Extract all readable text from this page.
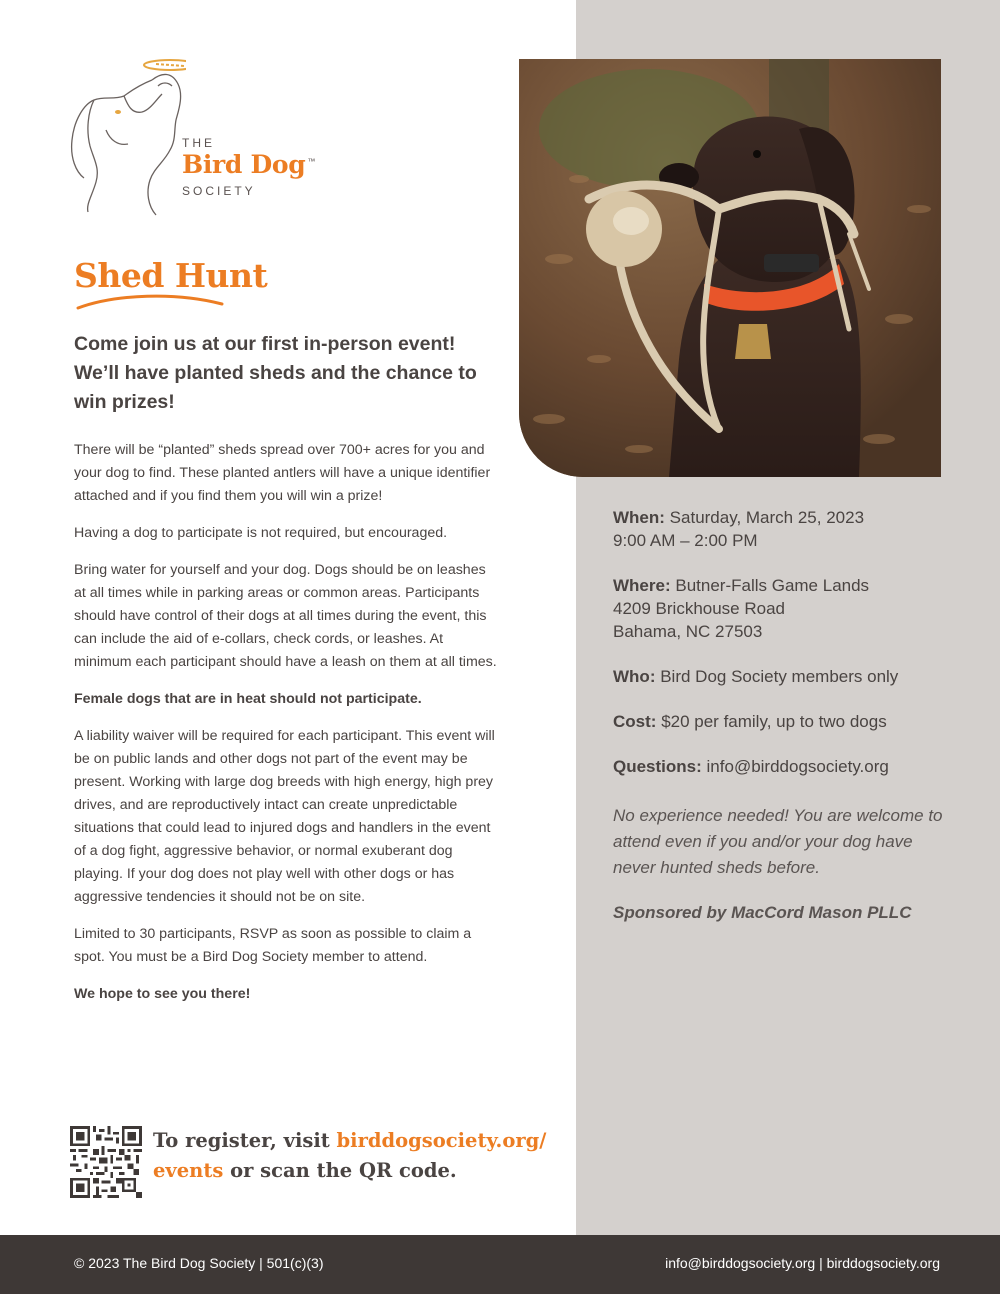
THE
Bird Dog ™
SOCIETY
Shed Hunt
Come join us at our first in-person event! We’ll have planted sheds and the chance to win prizes!

There will be “planted” sheds spread over 700+ acres for you and your dog to find. These planted antlers will have a unique identifier attached and if you find them you will win a prize!

Having a dog to participate is not required, but encouraged.

Bring water for yourself and your dog. Dogs should be on leashes at all times while in parking areas or common areas. Participants should have control of their dogs at all times during the event, this can include the aid of e-collars, check cords, or leashes. At minimum each participant should have a leash on them at all times.

Female dogs that are in heat should not participate.

A liability waiver will be required for each participant. This event will be on public lands and other dogs not part of the event may be present. Working with large dog breeds with high energy, high prey drives, and are reproductively intact can create unpredictable situations that could lead to injured dogs and handlers in the event of a dog fight, aggressive behavior, or normal exuberant dog playing. If your dog does not play well with other dogs or has aggressive tendencies it should not be on site.

Limited to 30 participants, RSVP as soon as possible to claim a spot. You must be a Bird Dog Society member to attend.

We hope to see you there!

To register, visit birddogsociety.org/ events or scan the QR code.
When: Saturday, March 25, 2023
9:00 AM – 2:00 PM
Where: Butner-Falls Game Lands
4209 Brickhouse Road
Bahama, NC 27503
Who: Bird Dog Society members only
Cost: $20 per family, up to two dogs
Questions: info@birddogsociety.org
No experience needed! You are welcome to attend even if you and/or your dog have never hunted sheds before.
Sponsored by MacCord Mason PLLC
© 2023 The Bird Dog Society | 501(c)(3)	info@birddogsociety.org | birddogsociety.org
